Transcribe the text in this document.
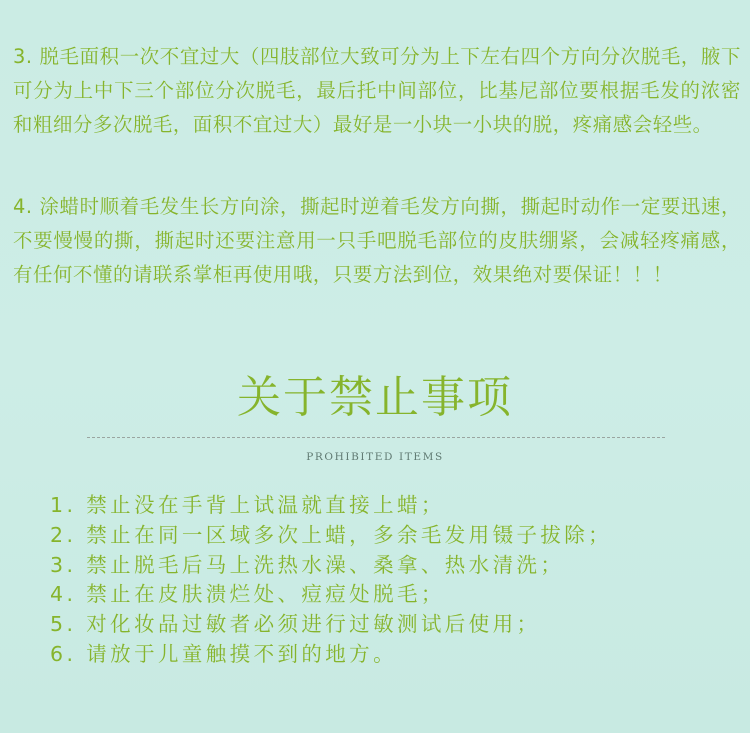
3. 脱毛面积一次不宜过大（四肢部位大致可分为上下左右四个方向分次脱毛，腋下可分为上中下三个部位分次脱毛，最后托中间部位，比基尼部位要根据毛发的浓密和粗细分多次脱毛，面积不宜过大）最好是一小块一小块的脱，疼痛感会轻些。

4. 涂蜡时顺着毛发生长方向涂，撕起时逆着毛发方向撕，撕起时动作一定要迅速，不要慢慢的撕，撕起时还要注意用一只手吧脱毛部位的皮肤绷紧，会减轻疼痛感，有任何不懂的请联系掌柜再使用哦，只要方法到位，效果绝对要保证！！！

关于禁止事项
PROHIBITED ITEMS
1. 禁止没在手背上试温就直接上蜡；
2. 禁止在同一区域多次上蜡，多余毛发用镊子拔除；
3. 禁止脱毛后马上洗热水澡、桑拿、热水清洗；
4. 禁止在皮肤溃烂处、痘痘处脱毛；
5. 对化妆品过敏者必须进行过敏测试后使用；
6. 请放于儿童触摸不到的地方。
